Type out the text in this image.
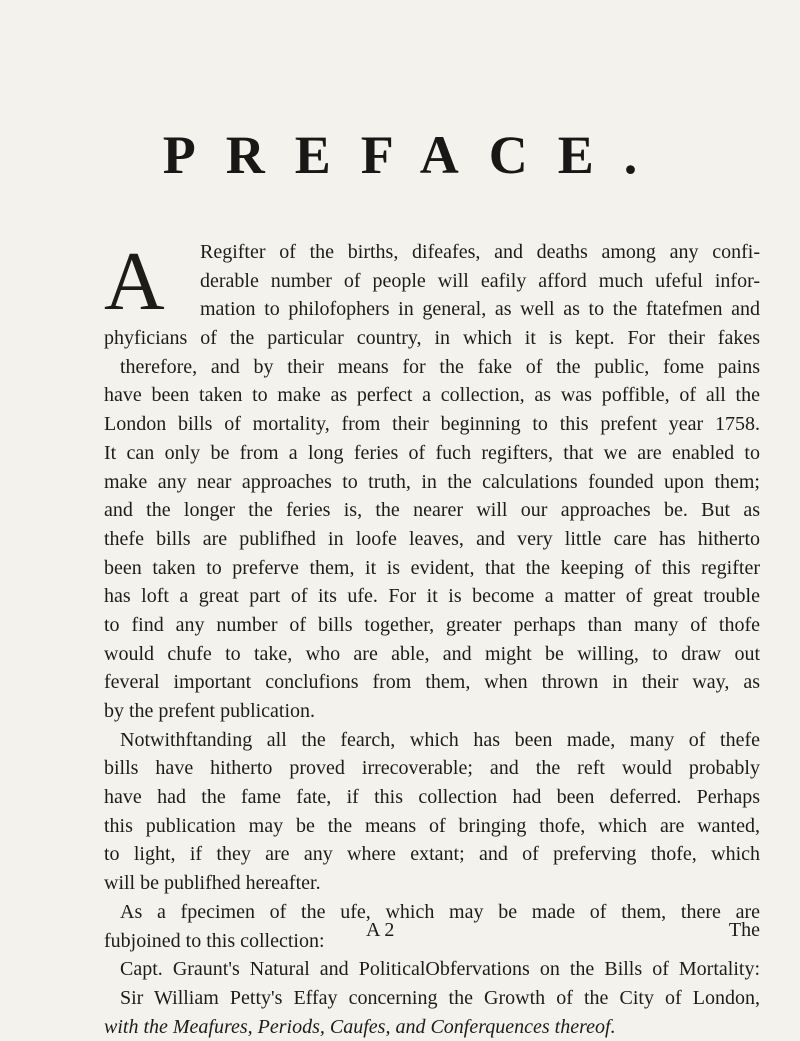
PREFACE.
A	Regifter of the births, difeafes, and deaths among any confi-
derable number of people will eafily afford much ufeful infor-
mation to philofophers in general, as well as to the ftatefmen and
phyficians of the particular country, in which it is kept. For their fakes
therefore, and by their means for the fake of the public, fome pains
have been taken to make as perfect a collection, as was poffible, of all the
London bills of mortality, from their beginning to this prefent year 1758.
It can only be from a long feries of fuch regifters, that we are enabled to
make any near approaches to truth, in the calculations founded upon them;
and the longer the feries is, the nearer will our approaches be. But as
thefe bills are publifhed in loofe leaves, and very little care has hitherto
been taken to preferve them, it is evident, that the keeping of this regifter
has loft a great part of its ufe. For it is become a matter of great trouble
to find any number of bills together, greater perhaps than many of thofe
would chufe to take, who are able, and might be willing, to draw out
feveral important conclufions from them, when thrown in their way, as
by the prefent publication.
Notwithftanding all the fearch, which has been made, many of thefe
bills have hitherto proved irrecoverable; and the reft would probably
have had the fame fate, if this collection had been deferred. Perhaps
this publication may be the means of bringing thofe, which are wanted,
to light, if they are any where extant; and of preferving thofe, which
will be publifhed hereafter.
As a fpecimen of the ufe, which may be made of them, there are
fubjoined to this collection:
Capt. Graunt's Natural and PoliticalObfervations on the Bills of Mortality:
Sir William Petty's Effay concerning the Growth of the City of London,
with the Meafures, Periods, Caufes, and Conferquences thereof.
A 2	The
